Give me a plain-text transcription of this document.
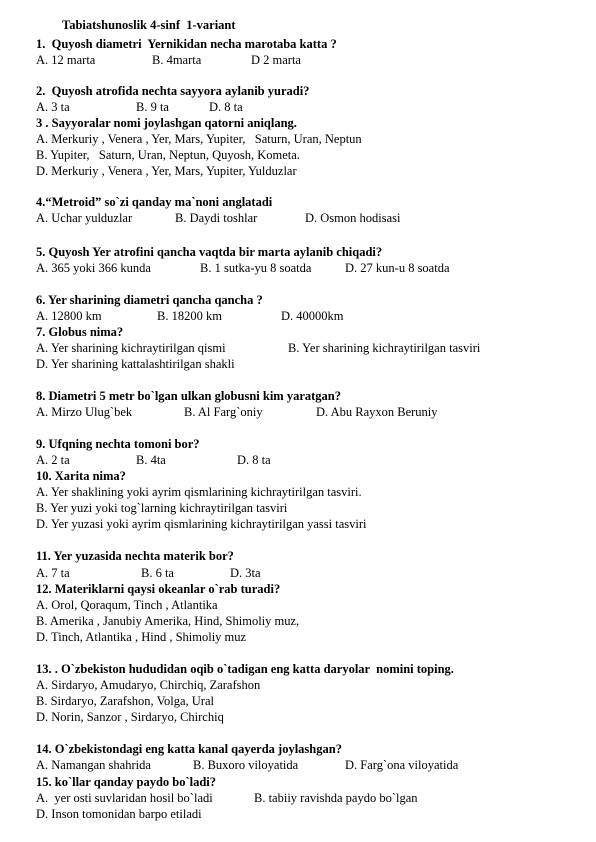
Tabiatshunoslik 4-sinf  1-variant
1.  Quyosh diametri  Yernikidan necha marotaba katta ?
A. 12 marta	B. 4marta	D 2 marta
2.  Quyosh atrofida nechta sayyora aylanib yuradi?
A. 3 ta	B. 9 ta	D. 8 ta
3 . Sayyoralar nomi joylashgan qatorni aniqlang.
A. Merkuriy , Venera , Yer, Mars, Yupiter,   Saturn, Uran, Neptun
B. Yupiter,   Saturn, Uran, Neptun, Quyosh, Kometa.
D. Merkuriy , Venera , Yer, Mars, Yupiter, Yulduzlar
4.“Metroid” so`zi qanday ma`noni anglatadi
A. Uchar yulduzlar	B. Daydi toshlar	D. Osmon hodisasi
5. Quyosh Yer atrofini qancha vaqtda bir marta aylanib chiqadi?
A. 365 yoki 366 kunda	B. 1 sutka-yu 8 soatda	D. 27 kun-u 8 soatda
6. Yer sharining diametri qancha qancha ?
A. 12800 km	B. 18200 km	D. 40000km
7. Globus nima?
A. Yer sharining kichraytirilgan qismi	B. Yer sharining kichraytirilgan tasviri
D. Yer sharining kattalashtirilgan shakli
8. Diametri 5 metr bo`lgan ulkan globusni kim yaratgan?
A. Mirzo Ulug`bek	B. Al Farg`oniy	D. Abu Rayxon Beruniy
9. Ufqning nechta tomoni bor?
A. 2 ta	B. 4ta	D. 8 ta
10. Xarita nima?
A. Yer shaklining yoki ayrim qismlarining kichraytirilgan tasviri.
B. Yer yuzi yoki tog`larning kichraytirilgan tasviri
D. Yer yuzasi yoki ayrim qismlarining kichraytirilgan yassi tasviri
11. Yer yuzasida nechta materik bor?
A. 7 ta	B. 6 ta	D. 3ta
12. Materiklarni qaysi okeanlar o`rab turadi?
A. Orol, Qoraqum, Tinch , Atlantika
B. Amerika , Janubiy Amerika, Hind, Shimoliy muz,
D. Tinch, Atlantika , Hind , Shimoliy muz
13. . O`zbekiston hududidan oqib o`tadigan eng katta daryolar  nomini toping.
A. Sirdaryo, Amudaryo, Chirchiq, Zarafshon
B. Sirdaryo, Zarafshon, Volga, Ural
D. Norin, Sanzor , Sirdaryo, Chirchiq
14. O`zbekistondagi eng katta kanal qayerda joylashgan?
A. Namangan shahrida	B. Buxoro viloyatida	D. Farg`ona viloyatida
15. ko`llar qanday paydo bo`ladi?
A.  yer osti suvlaridan hosil bo`ladi	B. tabiiy ravishda paydo bo`lgan
D. Inson tomonidan barpo etiladi
